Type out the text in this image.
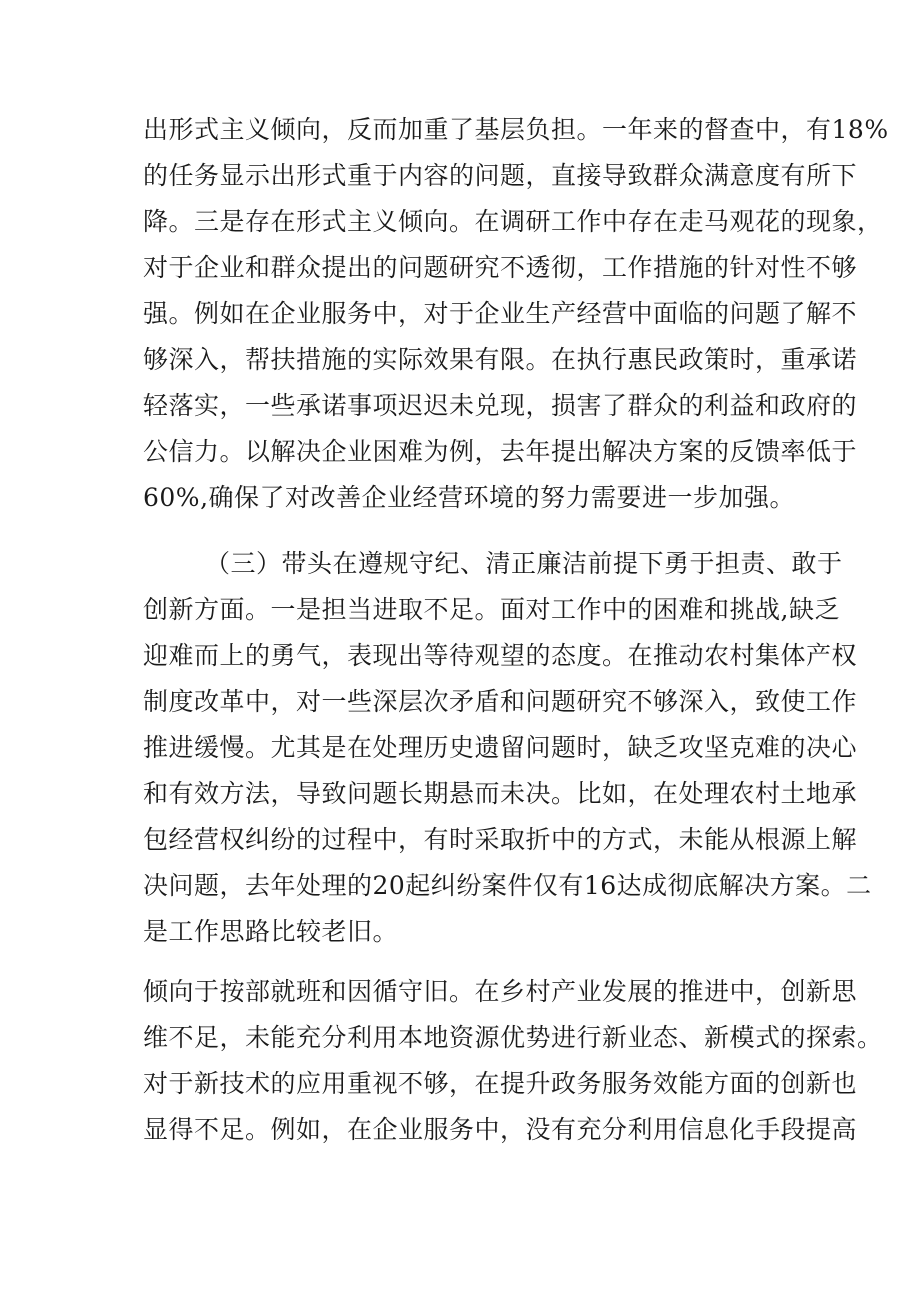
出形式主义倾向，反而加重了基层负担。一年来的督查中，有18%
的任务显示出形式重于内容的问题，直接导致群众满意度有所下
降。三是存在形式主义倾向。在调研工作中存在走马观花的现象，
对于企业和群众提出的问题研究不透彻，工作措施的针对性不够
强。例如在企业服务中，对于企业生产经营中面临的问题了解不
够深入，帮扶措施的实际效果有限。在执行惠民政策时，重承诺
轻落实，一些承诺事项迟迟未兑现，损害了群众的利益和政府的
公信力。以解决企业困难为例，去年提出解决方案的反馈率低于
60%,确保了对改善企业经营环境的努力需要进一步加强。
（三）带头在遵规守纪、清正廉洁前提下勇于担责、敢于
创新方面。一是担当进取不足。面对工作中的困难和挑战,缺乏
迎难而上的勇气，表现出等待观望的态度。在推动农村集体产权
制度改革中，对一些深层次矛盾和问题研究不够深入，致使工作
推进缓慢。尤其是在处理历史遗留问题时，缺乏攻坚克难的决心
和有效方法，导致问题长期悬而未决。比如，在处理农村土地承
包经营权纠纷的过程中，有时采取折中的方式，未能从根源上解
决问题，去年处理的20起纠纷案件仅有16达成彻底解决方案。二
是工作思路比较老旧。
倾向于按部就班和因循守旧。在乡村产业发展的推进中，创新思
维不足，未能充分利用本地资源优势进行新业态、新模式的探索。
对于新技术的应用重视不够，在提升政务服务效能方面的创新也
显得不足。例如，在企业服务中，没有充分利用信息化手段提高
